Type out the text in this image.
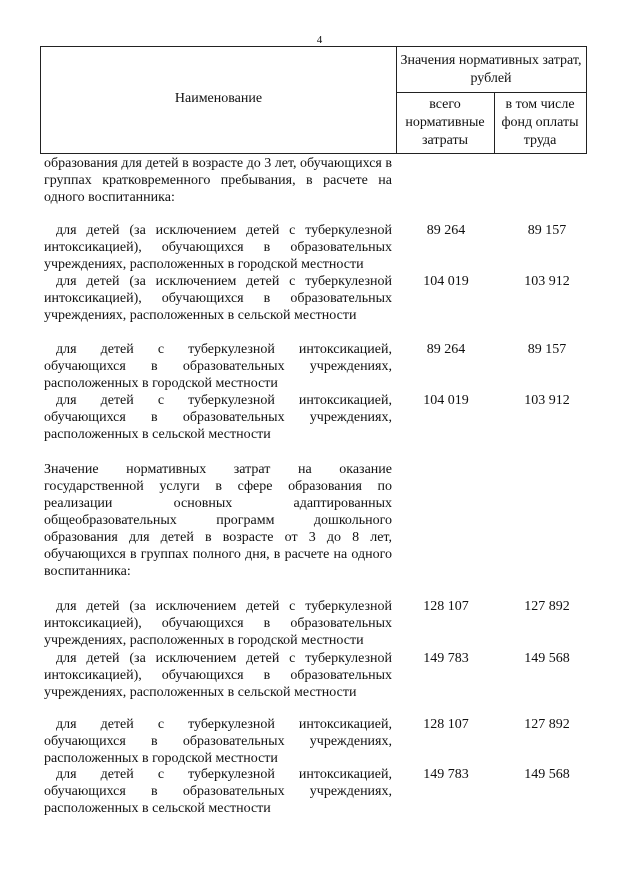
4
Наименование
Значения нормативных затрат, рублей
всего нормативные затраты
в том числе фонд оплаты труда
образования для детей в возрасте до 3 лет, обучающихся в группах кратковременного пребывания, в расчете на одного воспитанника:
для детей (за исключением детей с туберкулезной интоксикацией), обучающихся в образовательных учреждениях, расположенных в городской местности
89 264	89 157
для детей (за исключением детей с туберкулезной интоксикацией), обучающихся в образовательных учреждениях, расположенных в сельской местности
104 019	103 912
для детей с туберкулезной интоксикацией, обучающихся в образовательных учреждениях, расположенных в городской местности
89 264	89 157
для детей с туберкулезной интоксикацией, обучающихся в образовательных учреждениях, расположенных в сельской местности
104 019	103 912
Значение нормативных затрат на оказание государственной услуги в сфере образования по реализации основных адаптированных общеобразовательных программ дошкольного образования для детей в возрасте от 3 до 8 лет, обучающихся в группах полного дня, в расчете на одного воспитанника:
для детей (за исключением детей с туберкулезной интоксикацией), обучающихся в образовательных учреждениях, расположенных в городской местности
128 107	127 892
для детей (за исключением детей с туберкулезной интоксикацией), обучающихся в образовательных учреждениях, расположенных в сельской местности
149 783	149 568
для детей с туберкулезной интоксикацией, обучающихся в образовательных учреждениях, расположенных в городской местности
128 107	127 892
для детей с туберкулезной интоксикацией, обучающихся в образовательных учреждениях, расположенных в сельской местности
149 783	149 568
